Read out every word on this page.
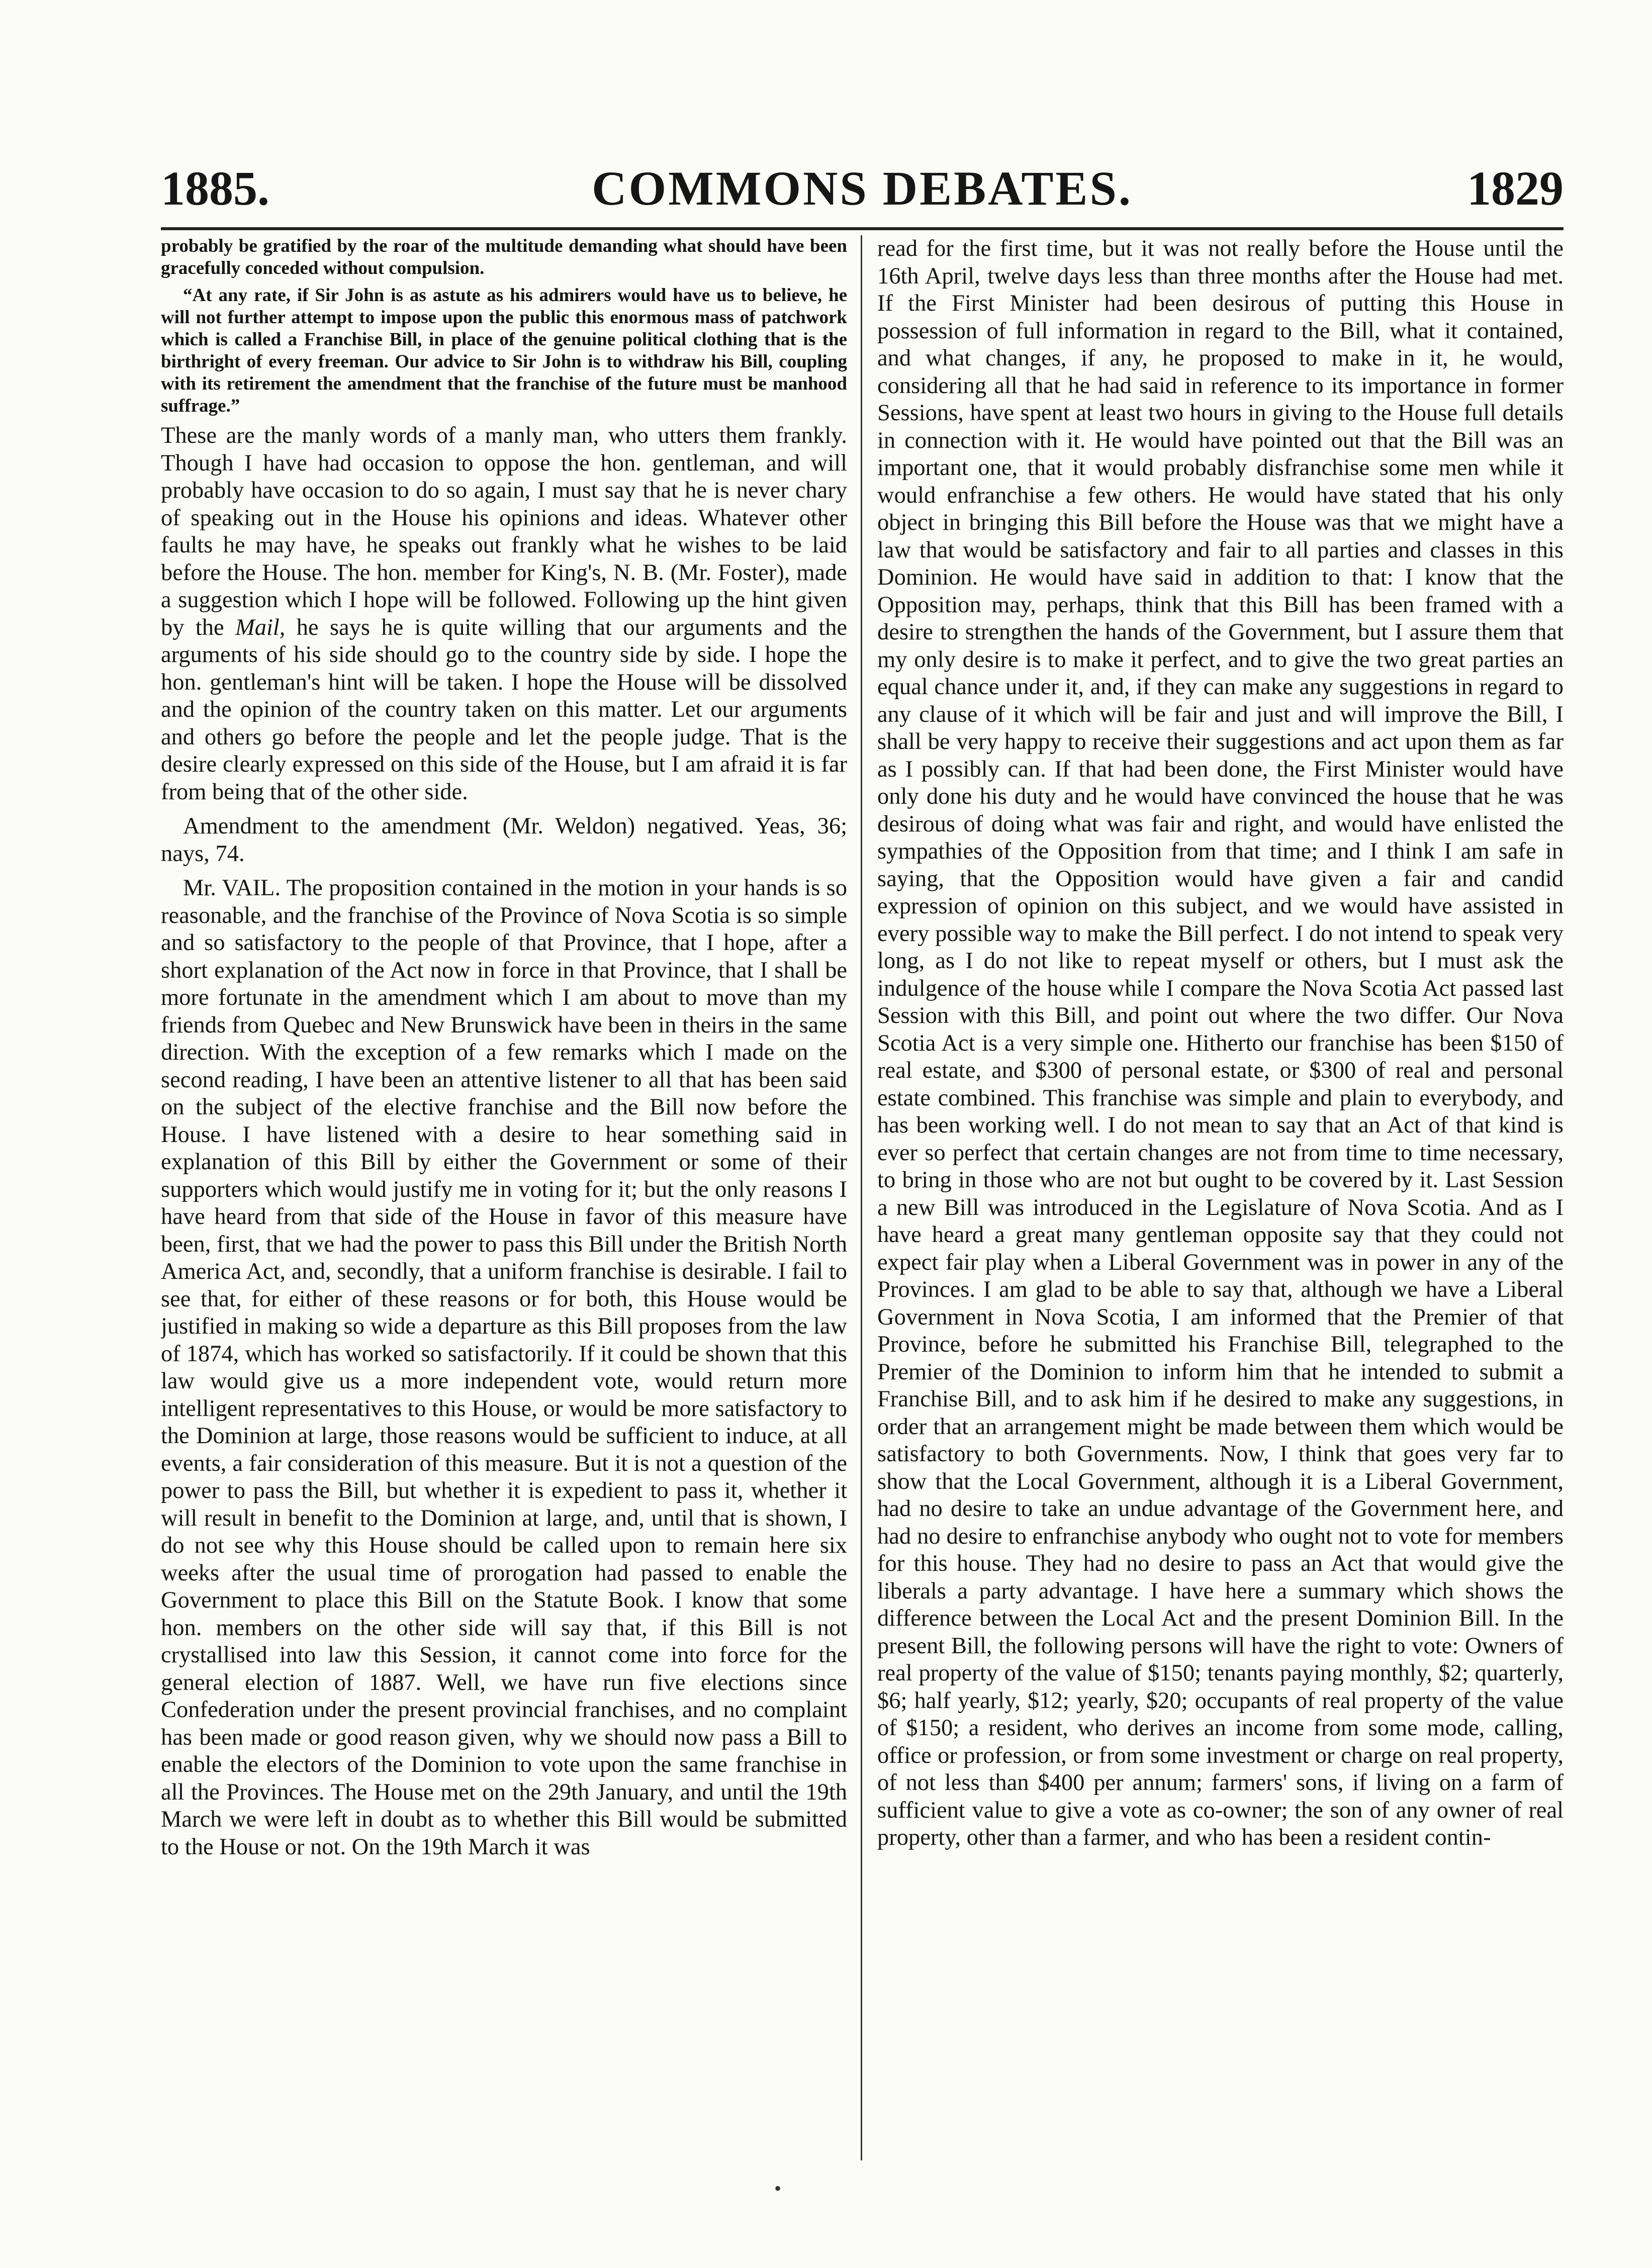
1885.	COMMONS DEBATES.	1829

probably be gratified by the roar of the multitude demanding what should have been gracefully conceded without compulsion.

“At any rate, if Sir John is as astute as his admirers would have us to believe, he will not further attempt to impose upon the public this enormous mass of patchwork which is called a Franchise Bill, in place of the genuine political clothing that is the birthright of every freeman. Our advice to Sir John is to withdraw his Bill, coupling with its retirement the amendment that the franchise of the future must be manhood suffrage.”

These are the manly words of a manly man, who utters them frankly. Though I have had occasion to oppose the hon. gentleman, and will probably have occasion to do so again, I must say that he is never chary of speaking out in the House his opinions and ideas. Whatever other faults he may have, he speaks out frankly what he wishes to be laid before the House. The hon. member for King's, N. B. (Mr. Foster), made a suggestion which I hope will be followed. Following up the hint given by the Mail, he says he is quite willing that our arguments and the arguments of his side should go to the country side by side. I hope the hon. gentleman's hint will be taken. I hope the House will be dissolved and the opinion of the country taken on this matter. Let our arguments and others go before the people and let the people judge. That is the desire clearly expressed on this side of the House, but I am afraid it is far from being that of the other side.

Amendment to the amendment (Mr. Weldon) negatived. Yeas, 36; nays, 74.

Mr. VAIL. The proposition contained in the motion in your hands is so reasonable, and the franchise of the Province of Nova Scotia is so simple and so satisfactory to the people of that Province, that I hope, after a short explanation of the Act now in force in that Province, that I shall be more fortunate in the amendment which I am about to move than my friends from Quebec and New Brunswick have been in theirs in the same direction. With the exception of a few remarks which I made on the second reading, I have been an attentive listener to all that has been said on the subject of the elective franchise and the Bill now before the House. I have listened with a desire to hear something said in explanation of this Bill by either the Government or some of their supporters which would justify me in voting for it; but the only reasons I have heard from that side of the House in favor of this measure have been, first, that we had the power to pass this Bill under the British North America Act, and, secondly, that a uniform franchise is desirable. I fail to see that, for either of these reasons or for both, this House would be justified in making so wide a departure as this Bill proposes from the law of 1874, which has worked so satisfactorily. If it could be shown that this law would give us a more independent vote, would return more intelligent representatives to this House, or would be more satisfactory to the Dominion at large, those reasons would be sufficient to induce, at all events, a fair consideration of this measure. But it is not a question of the power to pass the Bill, but whether it is expedient to pass it, whether it will result in benefit to the Dominion at large, and, until that is shown, I do not see why this House should be called upon to remain here six weeks after the usual time of prorogation had passed to enable the Government to place this Bill on the Statute Book. I know that some hon. members on the other side will say that, if this Bill is not crystallised into law this Session, it cannot come into force for the general election of 1887. Well, we have run five elections since Confederation under the present provincial franchises, and no complaint has been made or good reason given, why we should now pass a Bill to enable the electors of the Dominion to vote upon the same franchise in all the Provinces. The House met on the 29th January, and until the 19th March we were left in doubt as to whether this Bill would be submitted to the House or not. On the 19th March it was

read for the first time, but it was not really before the House until the 16th April, twelve days less than three months after the House had met. If the First Minister had been desirous of putting this House in possession of full information in regard to the Bill, what it contained, and what changes, if any, he proposed to make in it, he would, considering all that he had said in reference to its importance in former Sessions, have spent at least two hours in giving to the House full details in connection with it. He would have pointed out that the Bill was an important one, that it would probably disfranchise some men while it would enfranchise a few others. He would have stated that his only object in bringing this Bill before the House was that we might have a law that would be satisfactory and fair to all parties and classes in this Dominion. He would have said in addition to that: I know that the Opposition may, perhaps, think that this Bill has been framed with a desire to strengthen the hands of the Government, but I assure them that my only desire is to make it perfect, and to give the two great parties an equal chance under it, and, if they can make any suggestions in regard to any clause of it which will be fair and just and will improve the Bill, I shall be very happy to receive their suggestions and act upon them as far as I possibly can. If that had been done, the First Minister would have only done his duty and he would have convinced the house that he was desirous of doing what was fair and right, and would have enlisted the sympathies of the Opposition from that time; and I think I am safe in saying, that the Opposition would have given a fair and candid expression of opinion on this subject, and we would have assisted in every possible way to make the Bill perfect. I do not intend to speak very long, as I do not like to repeat myself or others, but I must ask the indulgence of the house while I compare the Nova Scotia Act passed last Session with this Bill, and point out where the two differ. Our Nova Scotia Act is a very simple one. Hitherto our franchise has been $150 of real estate, and $300 of personal estate, or $300 of real and personal estate combined. This franchise was simple and plain to everybody, and has been working well. I do not mean to say that an Act of that kind is ever so perfect that certain changes are not from time to time necessary, to bring in those who are not but ought to be covered by it. Last Session a new Bill was introduced in the Legislature of Nova Scotia. And as I have heard a great many gentleman opposite say that they could not expect fair play when a Liberal Government was in power in any of the Provinces. I am glad to be able to say that, although we have a Liberal Government in Nova Scotia, I am informed that the Premier of that Province, before he submitted his Franchise Bill, telegraphed to the Premier of the Dominion to inform him that he intended to submit a Franchise Bill, and to ask him if he desired to make any suggestions, in order that an arrangement might be made between them which would be satisfactory to both Governments. Now, I think that goes very far to show that the Local Government, although it is a Liberal Government, had no desire to take an undue advantage of the Government here, and had no desire to enfranchise anybody who ought not to vote for members for this house. They had no desire to pass an Act that would give the liberals a party advantage. I have here a summary which shows the difference between the Local Act and the present Dominion Bill. In the present Bill, the following persons will have the right to vote: Owners of real property of the value of $150; tenants paying monthly, $2; quarterly, $6; half yearly, $12; yearly, $20; occupants of real property of the value of $150; a resident, who derives an income from some mode, calling, office or profession, or from some investment or charge on real property, of not less than $400 per annum; farmers' sons, if living on a farm of sufficient value to give a vote as co-owner; the son of any owner of real property, other than a farmer, and who has been a resident contin-

•
